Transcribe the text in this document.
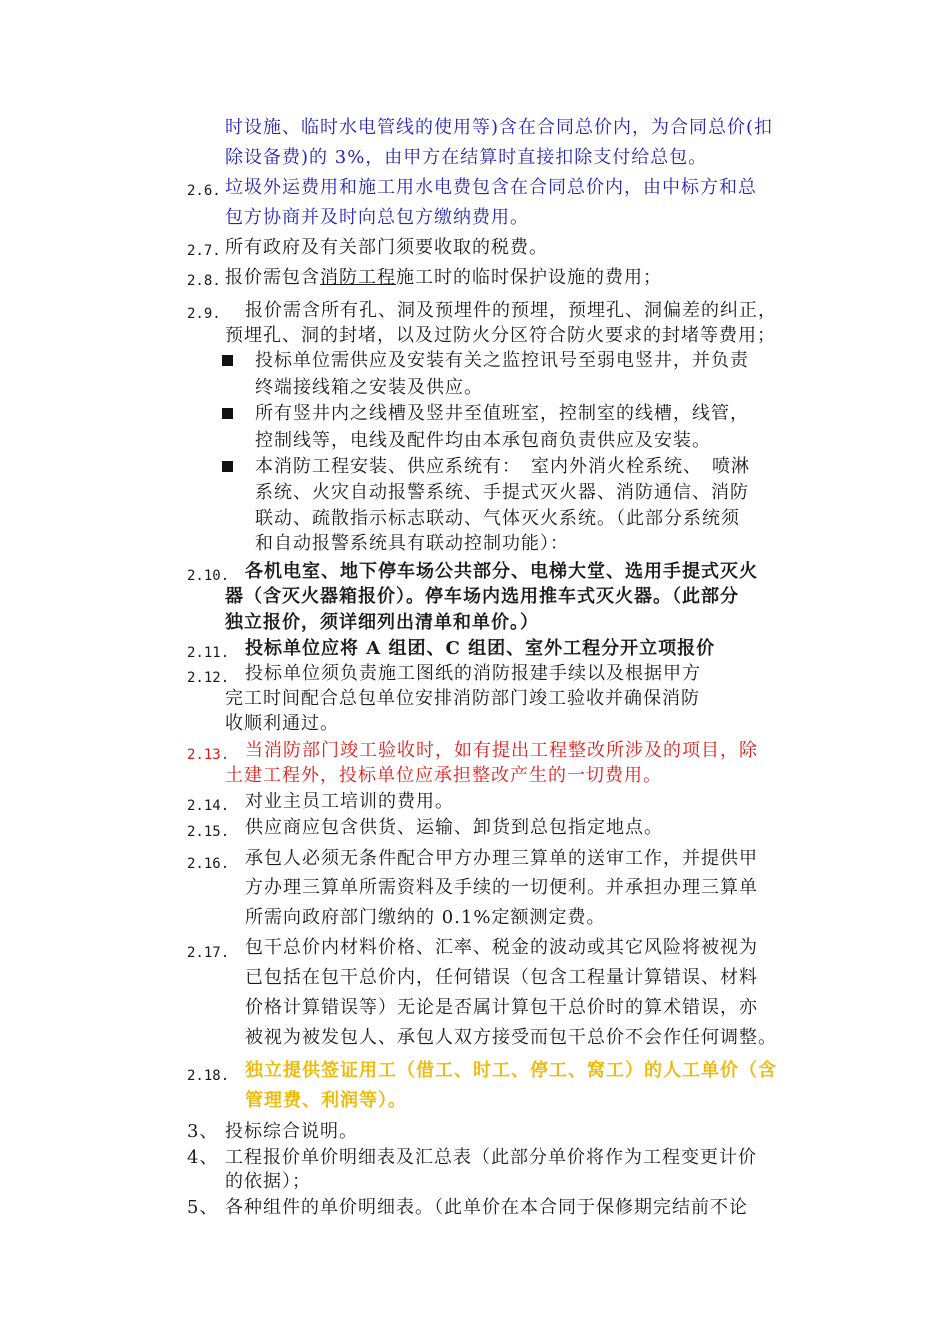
时设施、临时水电管线的使用等)含在合同总价内，为合同总价(扣
除设备费)的 3%，由甲方在结算时直接扣除支付给总包。
2.6. 垃圾外运费用和施工用水电费包含在合同总价内，由中标方和总
包方协商并及时向总包方缴纳费用。
2.7. 所有政府及有关部门须要收取的税费。
2.8. 报价需包含消防工程施工时的临时保护设施的费用；
2.9. 报价需含所有孔、洞及预埋件的预埋，预埋孔、洞偏差的纠正，
预埋孔、洞的封堵，以及过防火分区符合防火要求的封堵等费用；
投标单位需供应及安装有关之监控讯号至弱电竖井，并负责
终端接线箱之安装及供应。
所有竖井内之线槽及竖井至值班室，控制室的线槽，线管，
控制线等，电线及配件均由本承包商负责供应及安装。
本消防工程安装、供应系统有：　室内外消火栓系统、　喷淋
系统、火灾自动报警系统、手提式灭火器、消防通信、消防
联动、疏散指示标志联动、气体灭火系统。（此部分系统须
和自动报警系统具有联动控制功能）：
2.10. 各机电室、地下停车场公共部分、电梯大堂、选用手提式灭火
器（含灭火器箱报价）。停车场内选用推车式灭火器。（此部分
独立报价，须详细列出清单和单价。）
2.11. 投标单位应将 A 组团、C 组团、室外工程分开立项报价
2.12. 投标单位须负责施工图纸的消防报建手续以及根据甲方
完工时间配合总包单位安排消防部门竣工验收并确保消防
收顺利通过。
2.13. 当消防部门竣工验收时，如有提出工程整改所涉及的项目，除
土建工程外，投标单位应承担整改产生的一切费用。
2.14. 对业主员工培训的费用。
2.15. 供应商应包含供货、运输、卸货到总包指定地点。
2.16. 承包人必须无条件配合甲方办理三算单的送审工作，并提供甲
方办理三算单所需资料及手续的一切便利。并承担办理三算单
所需向政府部门缴纳的 0.1%定额测定费。
2.17. 包干总价内材料价格、汇率、税金的波动或其它风险将被视为
已包括在包干总价内，任何错误（包含工程量计算错误、材料
价格计算错误等）无论是否属计算包干总价时的算术错误，亦
被视为被发包人、承包人双方接受而包干总价不会作任何调整。
2.18. 独立提供签证用工（借工、时工、停工、窝工）的人工单价（含
管理费、利润等）。
3、 投标综合说明。
4、 工程报价单价明细表及汇总表（此部分单价将作为工程变更计价
的依据）；
5、 各种组件的单价明细表。（此单价在本合同于保修期完结前不论
